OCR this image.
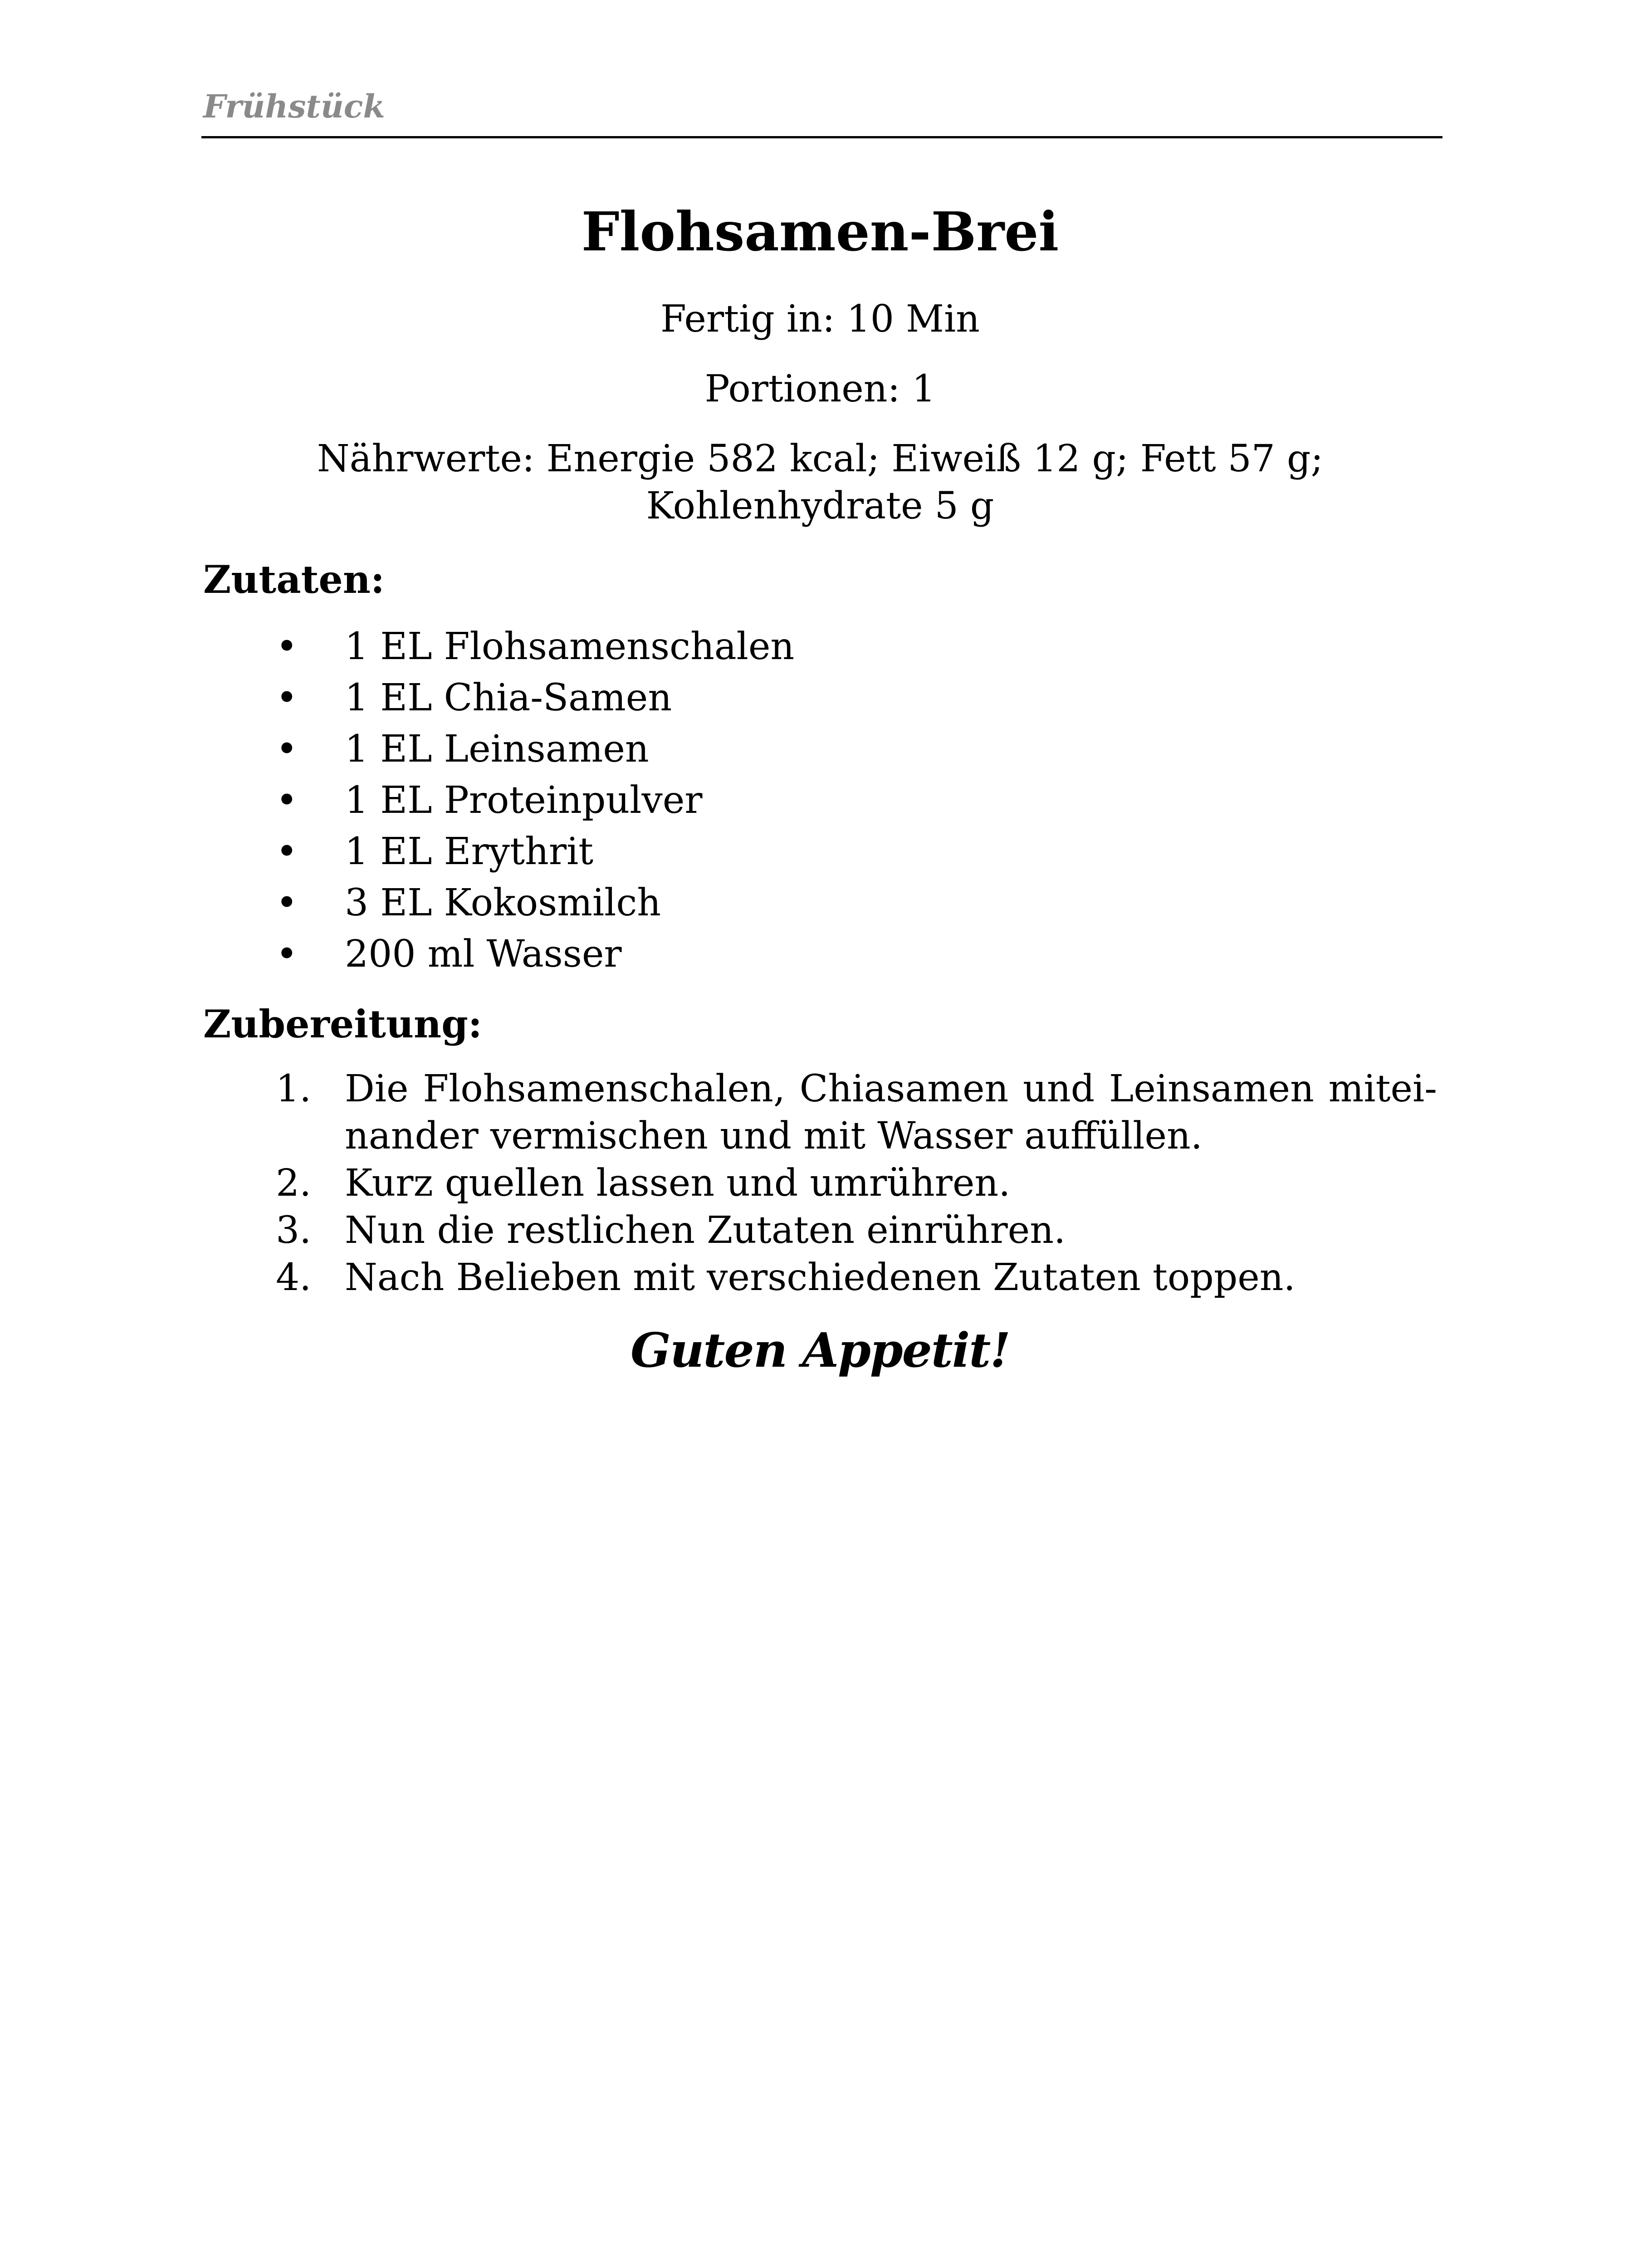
Frühstück
Flohsamen-Brei
Fertig in: 10 Min
Portionen: 1
Nährwerte: Energie 582 kcal; Eiweiß 12 g; Fett 57 g;
Kohlenhydrate 5 g
Zutaten:
•	1 EL Flohsamenschalen
•	1 EL Chia-Samen
•	1 EL Leinsamen
•	1 EL Proteinpulver
•	1 EL Erythrit
•	3 EL Kokosmilch
•	200 ml Wasser
Zubereitung:
1. Die Flohsamenschalen, Chiasamen und Leinsamen miteinander vermischen und mit Wasser auffüllen.
2. Kurz quellen lassen und umrühren.
3. Nun die restlichen Zutaten einrühren.
4. Nach Belieben mit verschiedenen Zutaten toppen.
Guten Appetit!
